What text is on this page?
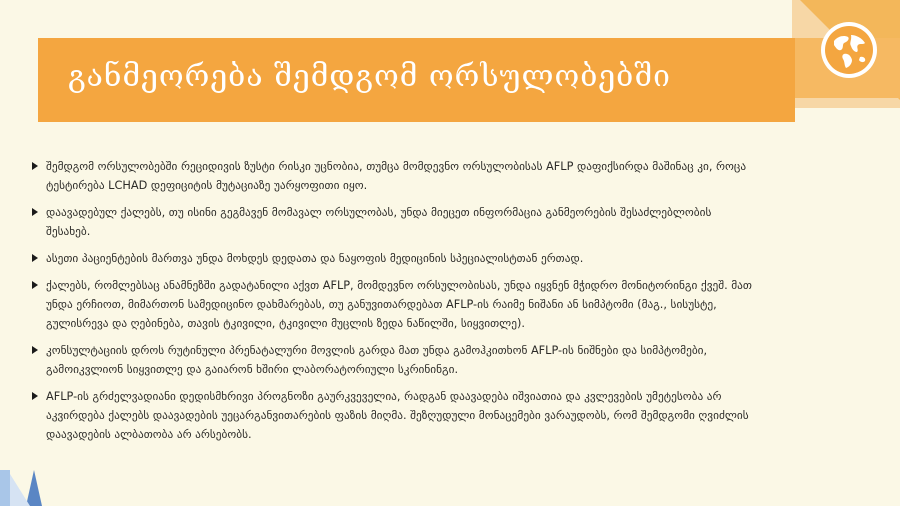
განმეორება შემდგომ ორსულობებში
შემდგომ ორსულობებში რეციდივის ზუსტი რისკი უცნობია, თუმცა მომდევნო ორსულობისას AFLP დაფიქსირდა მაშინაც კი, როცა ტესტირება LCHAD დეფიციტის მუტაციაზე უარყოფითი იყო.
დაავადებულ ქალებს, თუ ისინი გეგმავენ მომავალ ორსულობას, უნდა მიეცეთ ინფორმაცია განმეორების შესაძლებლობის შესახებ.
ასეთი პაციენტების მართვა უნდა მოხდეს დედათა და ნაყოფის მედიცინის სპეციალისტთან ერთად.
ქალებს, რომლებსაც ანამნეზში გადატანილი აქვთ AFLP, მომდევნო ორსულობისას, უნდა იყვნენ მჭიდრო მონიტორინგი ქვეშ. მათ უნდა ერჩიოთ, მიმართონ სამედიცინო დახმარებას, თუ განუვითარდებათ AFLP-ის რაიმე ნიშანი ან სიმპტომი (მაგ., სისუსტე, გულისრევა და ღებინება, თავის ტკივილი, ტკივილი მუცლის ზედა ნაწილში, სიყვითლე).
კონსულტაციის დროს რუტინული პრენატალური მოვლის გარდა მათ უნდა გამოჰკითხონ AFLP-ის ნიშნები და სიმპტომები, გამოიკვლიონ სიყვითლე და გაიარონ ხშირი ლაბორატორიული სკრინინგი.
AFLP-ის გრძელვადიანი დედისმხრივი პროგნოზი გაურკვეველია, რადგან დაავადება იშვიათია და კვლევების უმეტესობა არ აკვირდება ქალებს დაავადების უეცარგანვითარების ფაზის მიღმა. შეზღუდული მონაცემები ვარაუდობს, რომ შემდგომი ღვიძლის დაავადების ალბათობა არ არსებობს.
